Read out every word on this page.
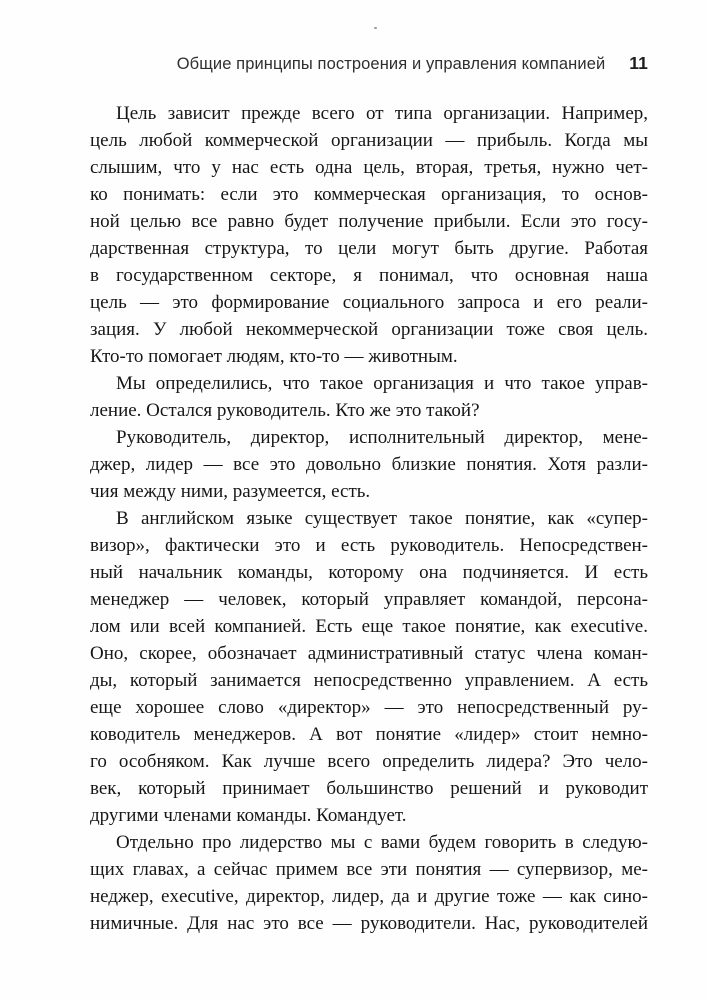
Общие принципы построения и управления компанией 11
Цель зависит прежде всего от типа организации. Например,
цель любой коммерческой организации — прибыль. Когда мы
слышим, что у нас есть одна цель, вторая, третья, нужно чет-
ко понимать: если это коммерческая организация, то основ-
ной целью все равно будет получение прибыли. Если это госу-
дарственная структура, то цели могут быть другие. Работая
в государственном секторе, я понимал, что основная наша
цель — это формирование социального запроса и его реали-
зация. У любой некоммерческой организации тоже своя цель.
Кто-то помогает людям, кто-то — животным.
Мы определились, что такое организация и что такое управ-
ление. Остался руководитель. Кто же это такой?
Руководитель, директор, исполнительный директор, мене-
джер, лидер — все это довольно близкие понятия. Хотя разли-
чия между ними, разумеется, есть.
В английском языке существует такое понятие, как «супер-
визор», фактически это и есть руководитель. Непосредствен-
ный начальник команды, которому она подчиняется. И есть
менеджер — человек, который управляет командой, персона-
лом или всей компанией. Есть еще такое понятие, как executive.
Оно, скорее, обозначает административный статус члена коман-
ды, который занимается непосредственно управлением. А есть
еще хорошее слово «директор» — это непосредственный ру-
ководитель менеджеров. А вот понятие «лидер» стоит немно-
го особняком. Как лучше всего определить лидера? Это чело-
век, который принимает большинство решений и руководит
другими членами команды. Командует.
Отдельно про лидерство мы с вами будем говорить в следую-
щих главах, а сейчас примем все эти понятия — супервизор, ме-
неджер, executive, директор, лидер, да и другие тоже — как сино-
нимичные. Для нас это все — руководители. Нас, руководителей
